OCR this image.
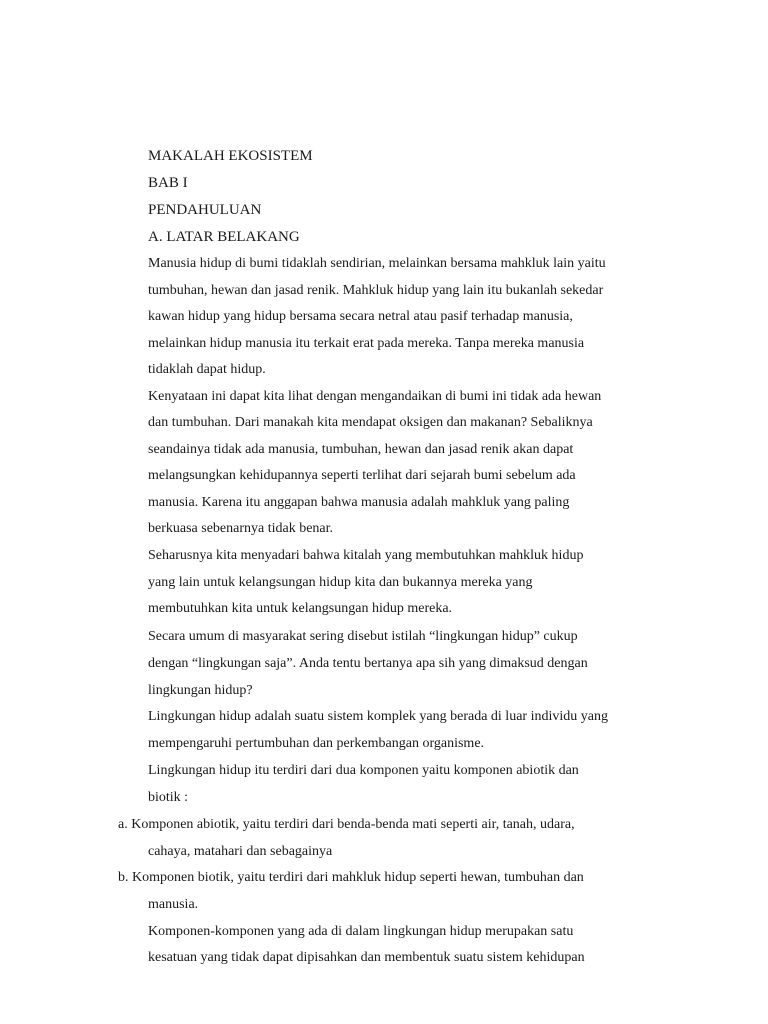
MAKALAH EKOSISTEM
BAB I
PENDAHULUAN
A. LATAR BELAKANG
Manusia hidup di bumi tidaklah sendirian, melainkan bersama mahkluk lain yaitu
tumbuhan, hewan dan jasad renik. Mahkluk hidup yang lain itu bukanlah sekedar
kawan hidup yang hidup bersama secara netral atau pasif terhadap manusia,
melainkan hidup manusia itu terkait erat pada mereka. Tanpa mereka manusia
tidaklah dapat hidup.
Kenyataan ini dapat kita lihat dengan mengandaikan di bumi ini tidak ada hewan
dan tumbuhan. Dari manakah kita mendapat oksigen dan makanan? Sebaliknya
seandainya tidak ada manusia, tumbuhan, hewan dan jasad renik akan dapat
melangsungkan kehidupannya seperti terlihat dari sejarah bumi sebelum ada
manusia. Karena itu anggapan bahwa manusia adalah mahkluk yang paling
berkuasa sebenarnya tidak benar.
Seharusnya kita menyadari bahwa kitalah yang membutuhkan mahkluk hidup
yang lain untuk kelangsungan hidup kita dan bukannya mereka yang
membutuhkan kita untuk kelangsungan hidup mereka.
Secara umum di masyarakat sering disebut istilah “lingkungan hidup” cukup
dengan “lingkungan saja”. Anda tentu bertanya apa sih yang dimaksud dengan
lingkungan hidup?
Lingkungan hidup adalah suatu sistem komplek yang berada di luar individu yang
mempengaruhi pertumbuhan dan perkembangan organisme.
Lingkungan hidup itu terdiri dari dua komponen yaitu komponen abiotik dan
biotik :
a. Komponen abiotik, yaitu terdiri dari benda-benda mati seperti air, tanah, udara,
cahaya, matahari dan sebagainya
b. Komponen biotik, yaitu terdiri dari mahkluk hidup seperti hewan, tumbuhan dan
manusia.
Komponen-komponen yang ada di dalam lingkungan hidup merupakan satu
kesatuan yang tidak dapat dipisahkan dan membentuk suatu sistem kehidupan
